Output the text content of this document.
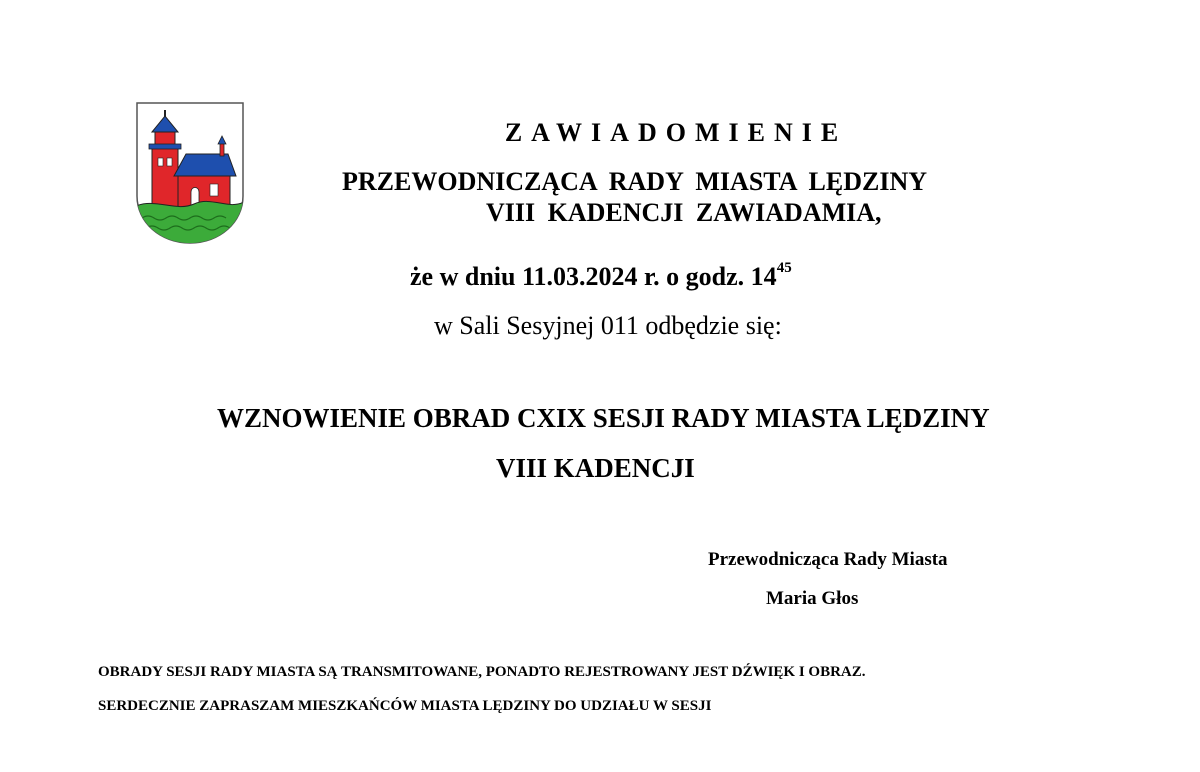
ZAWIADOMIENIE
PRZEWODNICZĄCA RADY MIASTA LĘDZINY
VIII KADENCJI ZAWIADAMIA,
że w dniu 11.03.2024 r. o godz. $14^{45}$
w Sali Sesyjnej 011 odbędzie się:
WZNOWIENIE OBRAD CXIX SESJI RADY MIASTA LĘDZINY
VIII KADENCJI
Przewodnicząca Rady Miasta
Maria Głos
OBRADY SESJI RADY MIASTA SĄ TRANSMITOWANE, PONADTO REJESTROWANY JEST DŹWIĘK I OBRAZ.
SERDECZNIE ZAPRASZAM MIESZKAŃCÓW MIASTA LĘDZINY DO UDZIAŁU W SESJI
